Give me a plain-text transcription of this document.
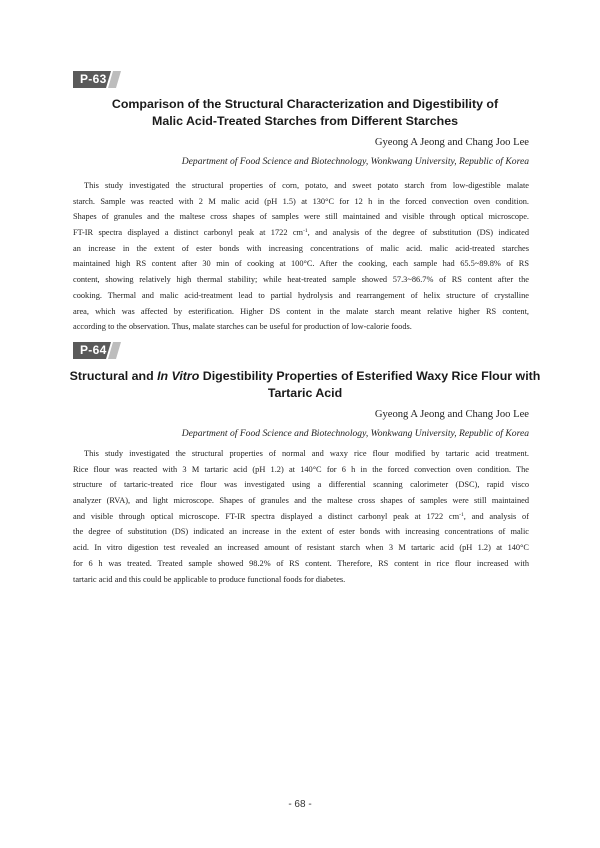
P-63
Comparison of the Structural Characterization and Digestibility of
Malic Acid-Treated Starches from Different Starches
Gyeong A Jeong and Chang Joo Lee
Department of Food Science and Biotechnology, Wonkwang University, Republic of Korea
This study investigated the structural properties of corn, potato, and sweet potato starch from low-digestible malate
starch. Sample was reacted with 2 M malic acid (pH 1.5) at 130°C for 12 h in the forced convection oven condition.
Shapes of granules and the maltese cross shapes of samples were still maintained and visible through optical microscope.
FT-IR spectra displayed a distinct carbonyl peak at 1722 $cm^{-1}$, and analysis of the degree of substitution (DS) indicated
an increase in the extent of ester bonds with increasing concentrations of malic acid. malic acid-treated starches
maintained high RS content after 30 min of cooking at 100°C. After the cooking, each sample had 65.5~89.8% of RS
content, showing relatively high thermal stability; while heat-treated sample showed 57.3~86.7% of RS content after the
cooking. Thermal and malic acid-treatment lead to partial hydrolysis and rearrangement of helix structure of crystalline
area, which was affected by esterification. Higher DS content in the malate starch meant relative higher RS content,
according to the observation. Thus, malate starches can be useful for production of low-calorie foods.
P-64
Structural and In Vitro Digestibility Properties of Esterified Waxy Rice Flour with
Tartaric Acid
Gyeong A Jeong and Chang Joo Lee
Department of Food Science and Biotechnology, Wonkwang University, Republic of Korea
This study investigated the structural properties of normal and waxy rice flour modified by tartaric acid treatment.
Rice flour was reacted with 3 M tartaric acid (pH 1.2) at 140°C for 6 h in the forced convection oven condition. The
structure of tartaric-treated rice flour was investigated using a differential scanning calorimeter (DSC), rapid visco
analyzer (RVA), and light microscope. Shapes of granules and the maltese cross shapes of samples were still maintained
and visible through optical microscope. FT-IR spectra displayed a distinct carbonyl peak at 1722 $cm^{-1}$, and analysis of
the degree of substitution (DS) indicated an increase in the extent of ester bonds with increasing concentrations of malic
acid. In vitro digestion test revealed an increased amount of resistant starch when 3 M tartaric acid (pH 1.2) at 140°C
for 6 h was treated. Treated sample showed 98.2% of RS content. Therefore, RS content in rice flour increased with
tartaric acid and this could be applicable to produce functional foods for diabetes.
- 68 -
